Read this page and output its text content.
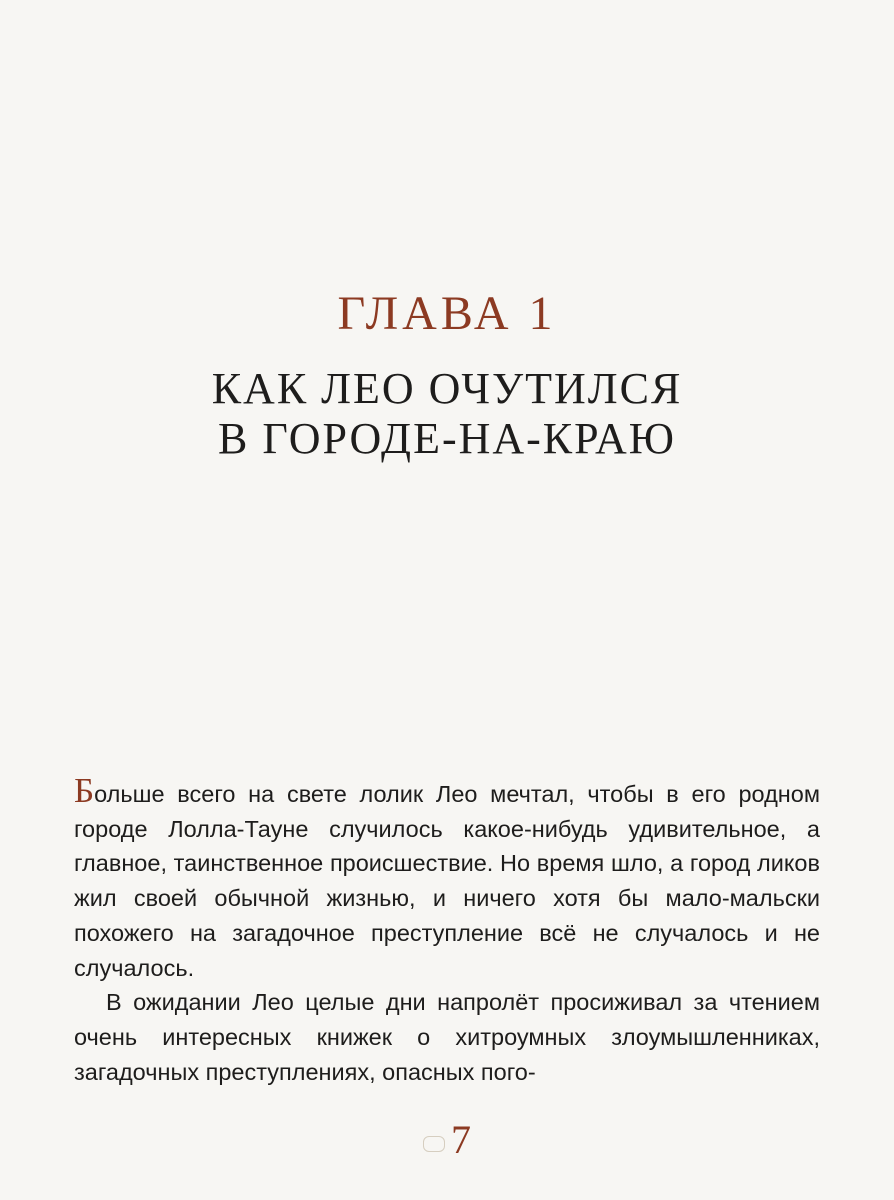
ГЛАВА 1
КАК ЛЕО ОЧУТИЛСЯ
В ГОРОДЕ-НА-КРАЮ

Больше всего на свете лолик Лео мечтал, чтобы в его родном городе Лолла-Тауне случилось какое-нибудь удивительное, а главное, таинственное происшествие. Но время шло, а город ликов жил своей обычной жизнью, и ничего хотя бы мало-мальски похожего на загадочное преступление всё не случалось и не случалось.

В ожидании Лео целые дни напролёт просиживал за чтением очень интересных книжек о хитроумных злоумышленниках, загадочных преступлениях, опасных пого-

7
